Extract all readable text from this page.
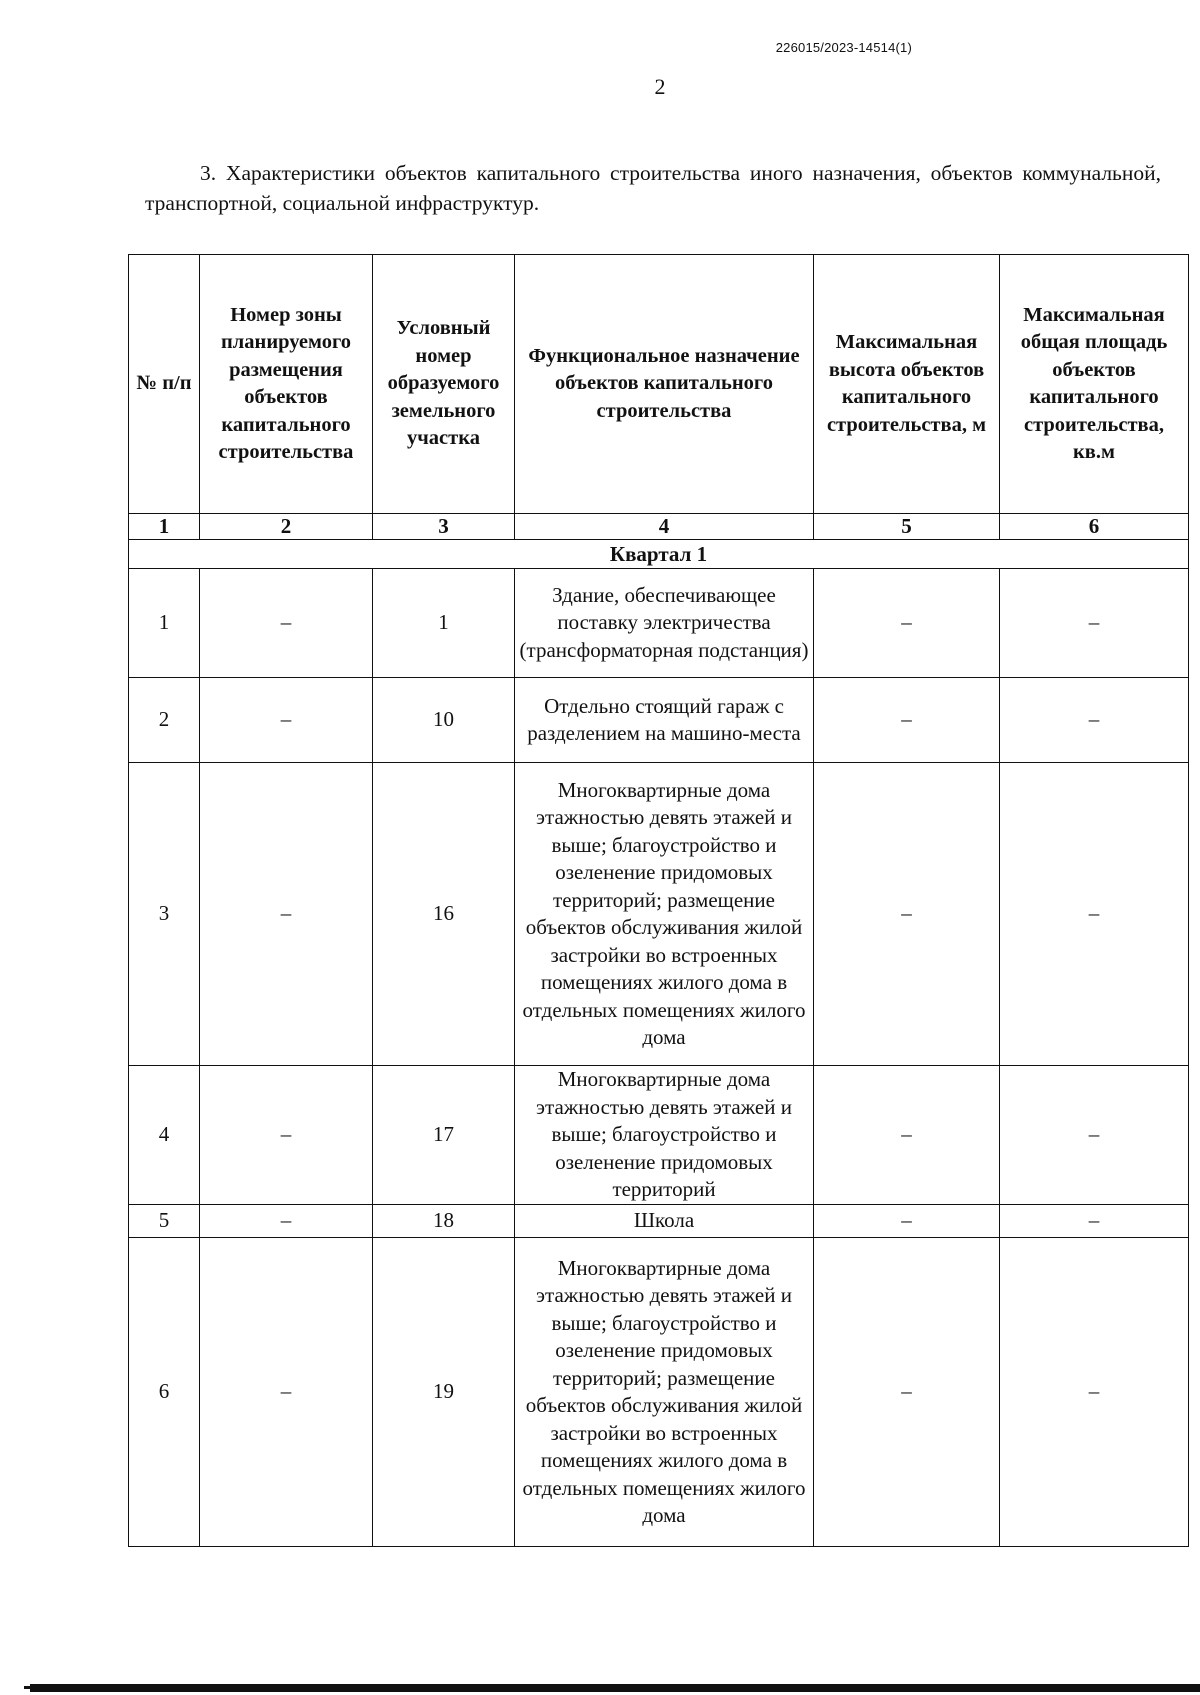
226015/2023-14514(1)
2
3. Характеристики объектов капитального строительства иного назначения, объектов коммунальной, транспортной, социальной инфраструктур.
№ п/п	Номер зоны планируемого размещения объектов капитального строительства	Условный номер образуемого земельного участка	Функциональное назначение объектов капитального строительства	Максимальная высота объектов капитального строительства, м	Максимальная общая площадь объектов капитального строительства, кв.м
1	2	3	4	5	6
Квартал 1					
1	–	1	Здание, обеспечивающее поставку электричества (трансформаторная подстанция)	–	–
2	–	10	Отдельно стоящий гараж с разделением на машино-места	–	–
3	–	16	Многоквартирные дома этажностью девять этажей и выше; благоустройство и озеленение придомовых территорий; размещение объектов обслуживания жилой застройки во встроенных помещениях жилого дома в отдельных помещениях жилого дома	–	–
4	–	17	Многоквартирные дома этажностью девять этажей и выше; благоустройство и озеленение придомовых территорий	–	–
5	–	18	Школа	–	–
6	–	19	Многоквартирные дома этажностью девять этажей и выше; благоустройство и озеленение придомовых территорий; размещение объектов обслуживания жилой застройки во встроенных помещениях жилого дома в отдельных помещениях жилого дома	–	–
